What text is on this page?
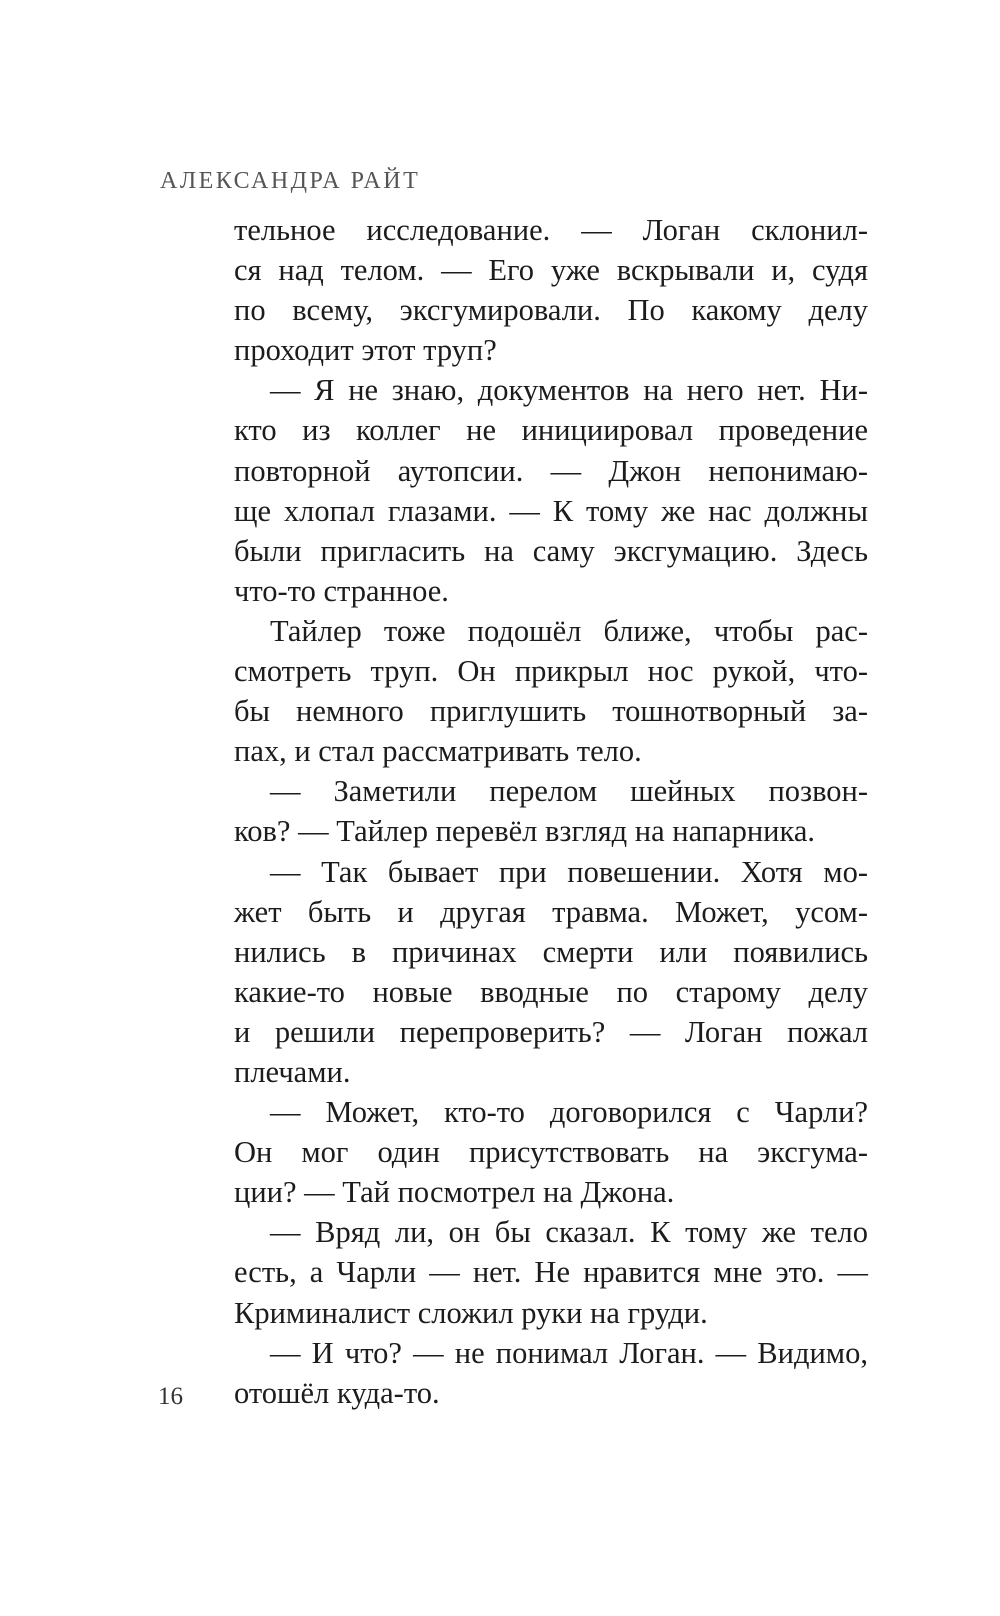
АЛЕКСАНДРА РАЙТ
тельное исследование. — Логан склонил-
ся над телом. — Его уже вскрывали и, судя
по всему, эксгумировали. По какому делу
проходит этот труп?
— Я не знаю, документов на него нет. Ни-
кто из коллег не инициировал проведение
повторной аутопсии. — Джон непонимаю-
ще хлопал глазами. — К тому же нас должны
были пригласить на саму эксгумацию. Здесь
что-то странное.
Тайлер тоже подошёл ближе, чтобы рас-
смотреть труп. Он прикрыл нос рукой, что-
бы немного приглушить тошнотворный за-
пах, и стал рассматривать тело.
— Заметили перелом шейных позвон-
ков? — Тайлер перевёл взгляд на напарника.
— Так бывает при повешении. Хотя мо-
жет быть и другая травма. Может, усом-
нились в причинах смерти или появились
какие-то новые вводные по старому делу
и решили перепроверить? — Логан пожал
плечами.
— Может, кто-то договорился с Чарли?
Он мог один присутствовать на эксгума-
ции? — Тай посмотрел на Джона.
— Вряд ли, он бы сказал. К тому же тело
есть, а Чарли — нет. Не нравится мне это. —
Криминалист сложил руки на груди.
— И что? — не понимал Логан. — Видимо,
отошёл куда-то.
16
